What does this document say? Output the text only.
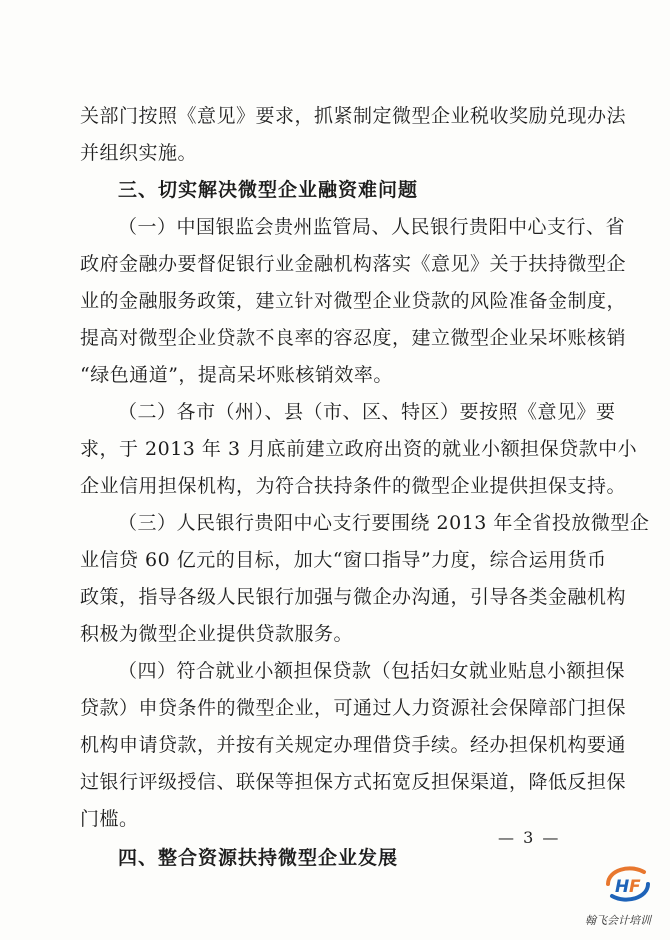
关部门按照《意见》要求，抓紧制定微型企业税收奖励兑现办法
并组织实施。
三、切实解决微型企业融资难问题
（一）中国银监会贵州监管局、人民银行贵阳中心支行、省
政府金融办要督促银行业金融机构落实《意见》关于扶持微型企
业的金融服务政策，建立针对微型企业贷款的风险准备金制度，
提高对微型企业贷款不良率的容忍度，建立微型企业呆坏账核销
“绿色通道”，提高呆坏账核销效率。
（二）各市（州）、县（市、区、特区）要按照《意见》要
求，于 2013 年 3 月底前建立政府出资的就业小额担保贷款中小
企业信用担保机构，为符合扶持条件的微型企业提供担保支持。
（三）人民银行贵阳中心支行要围绕 2013 年全省投放微型企
业信贷 60 亿元的目标，加大“窗口指导”力度，综合运用货币
政策，指导各级人民银行加强与微企办沟通，引导各类金融机构
积极为微型企业提供贷款服务。
（四）符合就业小额担保贷款（包括妇女就业贴息小额担保
贷款）申贷条件的微型企业，可通过人力资源社会保障部门担保
机构申请贷款，并按有关规定办理借贷手续。经办担保机构要通
过银行评级授信、联保等担保方式拓宽反担保渠道，降低反担保
门槛。
四、整合资源扶持微型企业发展
— 3 —
H F
翰飞会计培训
